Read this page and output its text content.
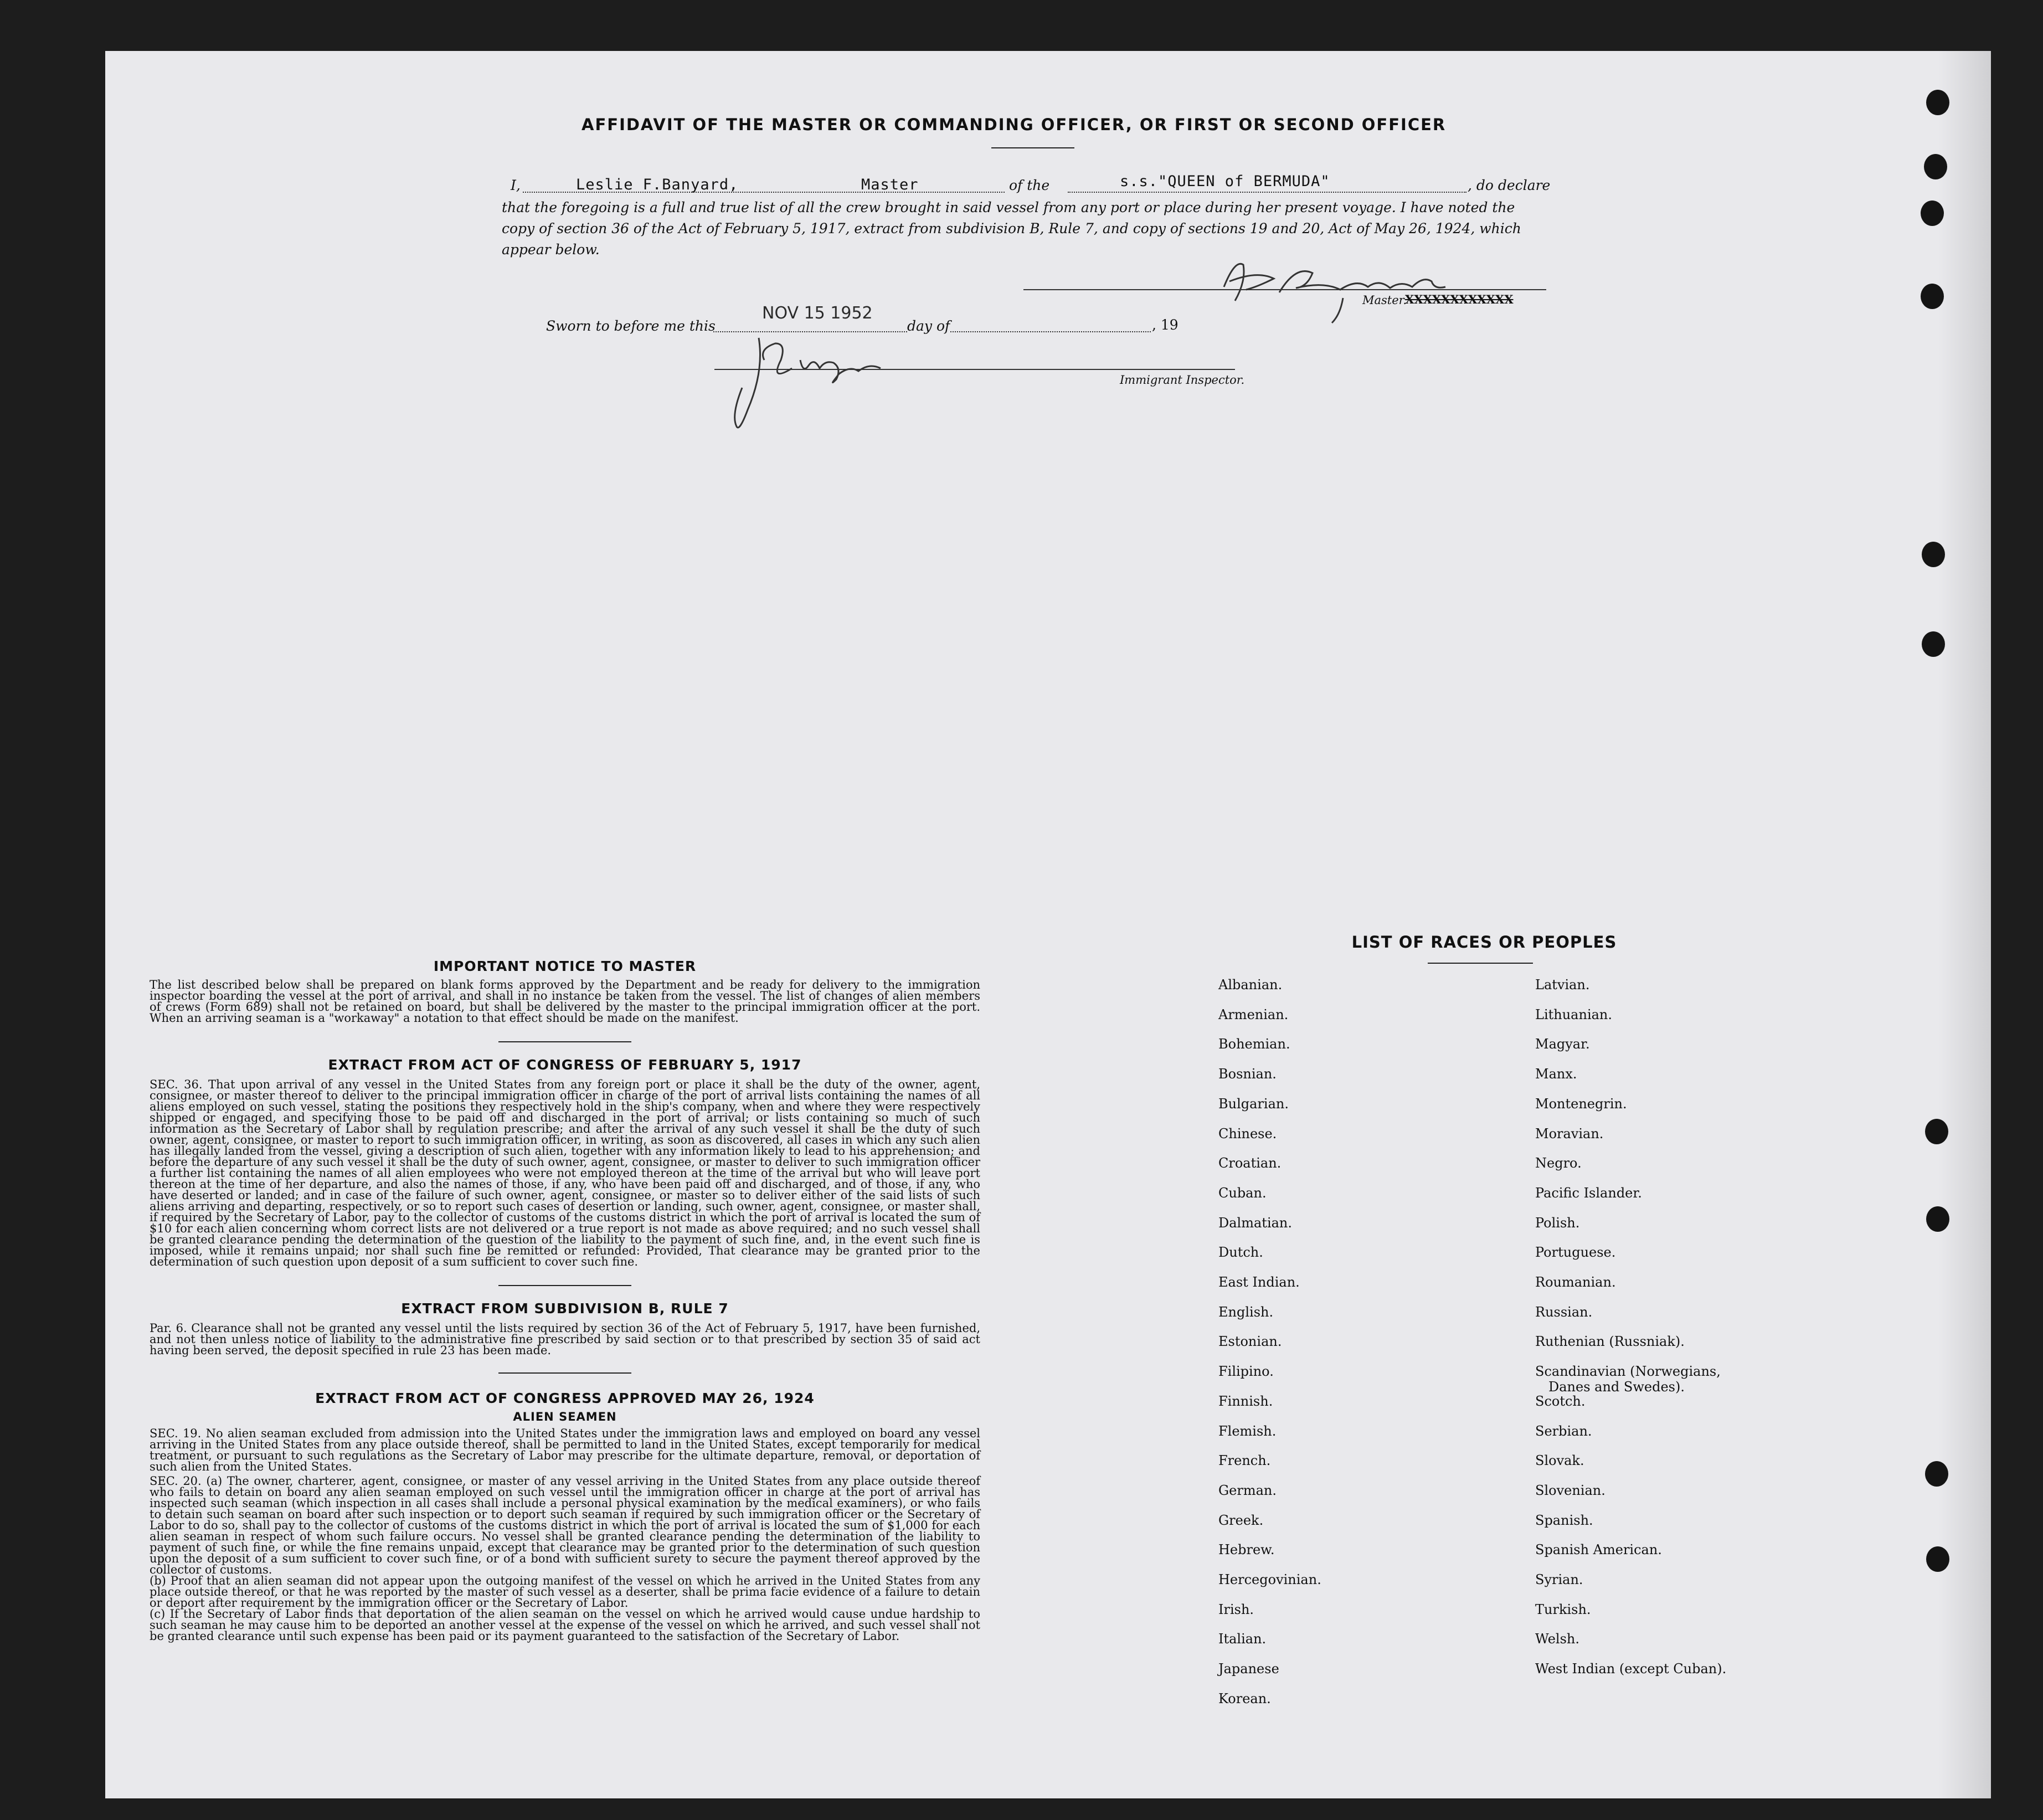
AFFIDAVIT OF THE MASTER OR COMMANDING OFFICER, OR FIRST OR SECOND OFFICER
I,	Leslie F.Banyard,	Master	of the	s.s."QUEEN of BERMUDA"	, do declare
that the foregoing is a full and true list of all the crew brought in said vessel from any port or place during her present voyage. I have noted the
copy of section 36 of the Act of February 5, 1917, extract from subdivision B, Rule 7, and copy of sections 19 and 20, Act of May 26, 1924, which
appear below.
Master.
XXXXXXXXXXXX
Sworn to before me this
NOV 15 1952
day of	, 19
Immigrant Inspector.
IMPORTANT NOTICE TO MASTER
The list described below shall be prepared on blank forms approved by the Department and be ready for delivery to the immigration inspector boarding the vessel at the port of arrival, and shall in no instance be taken from the vessel. The list of changes of alien members of crews (Form 689) shall not be retained on board, but shall be delivered by the master to the principal immigration officer at the port. When an arriving seaman is a "workaway" a notation to that effect should be made on the manifest.
EXTRACT FROM ACT OF CONGRESS OF FEBRUARY 5, 1917
SEC. 36. That upon arrival of any vessel in the United States from any foreign port or place it shall be the duty of the owner, agent, consignee, or master thereof to deliver to the principal immigration officer in charge of the port of arrival lists containing the names of all aliens employed on such vessel, stating the positions they respectively hold in the ship's company, when and where they were respectively shipped or engaged, and specifying those to be paid off and discharged in the port of arrival; or lists containing so much of such information as the Secretary of Labor shall by regulation prescribe; and after the arrival of any such vessel it shall be the duty of such owner, agent, consignee, or master to report to such immigration officer, in writing, as soon as discovered, all cases in which any such alien has illegally landed from the vessel, giving a description of such alien, together with any information likely to lead to his apprehension; and before the departure of any such vessel it shall be the duty of such owner, agent, consignee, or master to deliver to such immigration officer a further list containing the names of all alien employees who were not employed thereon at the time of the arrival but who will leave port thereon at the time of her departure, and also the names of those, if any, who have been paid off and discharged, and of those, if any, who have deserted or landed; and in case of the failure of such owner, agent, consignee, or master so to deliver either of the said lists of such aliens arriving and departing, respectively, or so to report such cases of desertion or landing, such owner, agent, consignee, or master shall, if required by the Secretary of Labor, pay to the collector of customs of the customs district in which the port of arrival is located the sum of $10 for each alien concerning whom correct lists are not delivered or a true report is not made as above required; and no such vessel shall be granted clearance pending the determination of the question of the liability to the payment of such fine, and, in the event such fine is imposed, while it remains unpaid; nor shall such fine be remitted or refunded: Provided, That clearance may be granted prior to the determination of such question upon deposit of a sum sufficient to cover such fine.
EXTRACT FROM SUBDIVISION B, RULE 7
Par. 6. Clearance shall not be granted any vessel until the lists required by section 36 of the Act of February 5, 1917, have been furnished, and not then unless notice of liability to the administrative fine prescribed by said section or to that prescribed by section 35 of said act having been served, the deposit specified in rule 23 has been made.
EXTRACT FROM ACT OF CONGRESS APPROVED MAY 26, 1924
ALIEN SEAMEN
SEC. 19. No alien seaman excluded from admission into the United States under the immigration laws and employed on board any vessel arriving in the United States from any place outside thereof, shall be permitted to land in the United States, except temporarily for medical treatment, or pursuant to such regulations as the Secretary of Labor may prescribe for the ultimate departure, removal, or deportation of such alien from the United States.
SEC. 20. (a) The owner, charterer, agent, consignee, or master of any vessel arriving in the United States from any place outside thereof who fails to detain on board any alien seaman employed on such vessel until the immigration officer in charge at the port of arrival has inspected such seaman (which inspection in all cases shall include a personal physical examination by the medical examiners), or who fails to detain such seaman on board after such inspection or to deport such seaman if required by such immigration officer or the Secretary of Labor to do so, shall pay to the collector of customs of the customs district in which the port of arrival is located the sum of $1,000 for each alien seaman in respect of whom such failure occurs. No vessel shall be granted clearance pending the determination of the liability to payment of such fine, or while the fine remains unpaid, except that clearance may be granted prior to the determination of such question upon the deposit of a sum sufficient to cover such fine, or of a bond with sufficient surety to secure the payment thereof approved by the collector of customs.
(b) Proof that an alien seaman did not appear upon the outgoing manifest of the vessel on which he arrived in the United States from any place outside thereof, or that he was reported by the master of such vessel as a deserter, shall be prima facie evidence of a failure to detain or deport after requirement by the immigration officer or the Secretary of Labor.
(c) If the Secretary of Labor finds that deportation of the alien seaman on the vessel on which he arrived would cause undue hardship to such seaman he may cause him to be deported an another vessel at the expense of the vessel on which he arrived, and such vessel shall not be granted clearance until such expense has been paid or its payment guaranteed to the satisfaction of the Secretary of Labor.
LIST OF RACES OR PEOPLES
Albanian.
Armenian.
Bohemian.
Bosnian.
Bulgarian.
Chinese.
Croatian.
Cuban.
Dalmatian.
Dutch.
East Indian.
English.
Estonian.
Filipino.
Finnish.
Flemish.
French.
German.
Greek.
Hebrew.
Hercegovinian.
Irish.
Italian.
Japanese
Korean.
Latvian.
Lithuanian.
Magyar.
Manx.
Montenegrin.
Moravian.
Negro.
Pacific Islander.
Polish.
Portuguese.
Roumanian.
Russian.
Ruthenian (Russniak).
Scandinavian (Norwegians,
Scotch.
Serbian.
Slovak.
Slovenian.
Spanish.
Spanish American.
Syrian.
Turkish.
Welsh.
West Indian (except Cuban).
Danes and Swedes).
